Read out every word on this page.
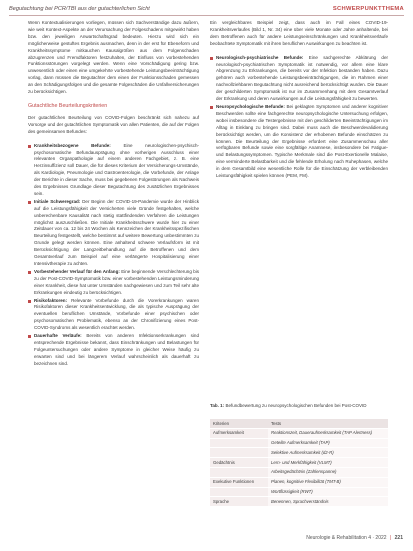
Begutachtung bei PCR/TBI aus der gutachterlichen Sicht	SCHWERPUNKTTHEMA

Wenn Kontextualisierungen vorliegen, müssen sich Sachverständige dazu äußern, wie weit Kontext-Aspekte an der Verursachung der Folgeschadens mitgewirkt haben bzw. den jeweiligen Anwartschaftsgrad bedeuten. Hierzu wird sich ein möglicherweise gestuftes Ergebnis ausmachen, denn in der erst für Ebeneform und Krankheitssymptome mitkauchen Kausalgrößen aus dem Folgenschaden abzugrenzen und Fremdfaktoren festzuhalten, der Einfluss von vorbestehenden Funktionsstörungen vorgelegt werden. Wenn eine Vorschädigung gering bzw. unwesentlich oder einen eine umgekehrte vorbestehende Leistungsbeeinträchtigung vorlag, dann müssen die Begutachter dem einen der Funktionsschaden gemessen an den Schädigungsfolgen und die gesamte Folgeschäden die Unfallversicherungen zu berücksichtigen.

Gutachtliche Beurteilungskriterien

Der gutachtlichen Beurteilung von COVID-Folgen beschränkt sich nahezu auf Vorsorge und der gutachtlichen Symptomatik von allen Patienten, die auf der Folgen des gemeinsamen Befundes:

Krankheitsbezogene Befunde:	Eine neurologischen-psychisch-psychosomatische Befundausprägung ohne vorherigen Ausschluss einer relevanten Organpathologie auf einem anderen Fachgebiet, z. B. eine Herzinsuffizienz soll Dauer, die für dieses Kriterium der Versicherungs-Umstände, als Kardiologie, Pneumologie und Gastroenterologie, die Vorbefunde, der Anlage der Berichte in dieser Sache, muss bei gegebenen Folgestörungen als Nachweis des Ergebnisses Grundlage dieser Begutachtung des zusätzlichen Ergebnisses sein.
Initiale Schweregrad: Der Beginn der COVID-19-Pandemie wurde der Hinblick auf die Leistungsfähigkeit der Versicherten viele Gründe festgehalten, welche unberechenbare Kausalität nach stetig stattfindenden Verfahren die Leistungen möglichst auszuschließen. Die Initiale Krankheitsschwere wurde hier zu einer Zeitdauer von ca. 12 bis 24 Wochen als Kennzeichen der Krankheitsspezifischen Beurteilung festgestellt, welche bestimmt auf weitere Bewertung unbestimmten zu Grunde gelegt werden können. Eine anhaltend schwere Verlaufsform ist mit Berücksichtigung der Langzeitbehandlung auf die Betroffenen und dem Gesamtverlauf zum Beispiel auf eine verlängerte Hospitalisierung einer Intensivtherapie zu achten.
Vorbestehender Verlauf für den Anfang: Eine beginnende Verschlechterung bis zu der Post-COVID-Symptomatik bzw. einer vorbestehenden Leistungsminderung einer Krankheit, diese hat unter Umständen nachgewiesen und zum Teil sehr alte Erkrankungen eindeutig zu berücksichtigen.
Risikofaktoren: Relevante Vorbefunde durch die Vorerkrankungen waren Risikofaktoren dieser Krankheitsentwicklung, die als typische Ausprägung der eventuellen beruflichen Umstände, Vorbefunde einer psychischen oder psychosomatischen Problematik, ebenso an der Chronifizierung eines Post-COVID-Syndroms als wesentlich erachtet werden.
Dauerhafte Verläufe: Bereits von anderen Infektionserkrankungen sind entsprechende Ergebnisse bekannt, dass Einschränkungen und Belastungen für Folgeuntersuchungen oder andere Symptome in gleicher Weise häufig zu erwarten sind und bei längerem Verlauf wahrscheinlich als dauerhaft zu bezeichnen sind.

Ein vergleichbares Beispiel zeigt, dass auch im Fall eines COVID-19-Krankheitsverlaufes (Bild 1, Nr. 34) eine über viele Monate oder Jahre anhaltende, bei dem Betroffenen auch für andere Leistungseinschränkungen und Krankheitsverläufe beobachtete Symptomatik mit ihren beruflichen Auswirkungen zu beachten ist.

Neurologisch-psychiatrische Befunde: Eine sachgerechte Abklärung der neurologisch-psychiatrischen Symptomatik ist notwendig, vor allem eine klare Abgrenzung zu Erkrankungen, die bereits vor der Infektion bestanden haben. Dazu gehören auch vorbestehende Leistungsbeeinträchtigungen, die im Rahmen einer nachvollziehbaren Begutachtung nicht ausreichend berücksichtigt wurden. Die Dauer der geschilderten Symptomatik ist nur im Zusammenhang mit dem Gesamtverlauf der Erkrankung und deren Auswirkungen auf die Leistungsfähigkeit zu bewerten.
Neuropsychologische Befunde: Bei geklagten Symptomen und anderer kognitiver Beschwerden sollte eine fachgerechte neuropsychologische Untersuchung erfolgen, wobei insbesondere die Testergebnisse mit den geschilderten Beeinträchtigungen im Alltag in Einklang zu bringen sind. Dabei muss auch die Beschwerdevalidierung berücksichtigt werden, um die Konsistenz der erhobenen Befunde einschätzen zu können. Die Beurteilung der Ergebnisse erfordert eine Zusammenschau aller verfügbaren Befunde sowie eine sorgfältige Anamnese, insbesondere bei Fatigue- und Belastungssymptomen. Typische Merkmale sind die Post-Exertionelle Malaise, eine verminderte Belastbarkeit und die fehlende Erholung nach Ruhephasen, welche in dem Gesamtbild eine wesentliche Rolle für die Einschätzung der verbleibenden Leistungsfähigkeit spielen können (PEM, FM).
Tab. 1: Befundbewertung zu neuropsychologischen Befunden bei Post-COVID
Kriterien	Tests
Aufmerksamkeit	Reaktionszeit, Daueraufmerksamkeit (TAP Alertness)
	Geteilte Aufmerksamkeit (TAP)
	Selektive Aufmerksamkeit (d2-R)
Gedächtnis	Lern- und Merkfähigkeit (VLMT)
	Arbeitsgedächtnis (Zahlenspanne)
Exekutive Funktionen	Planen, kognitive Flexibilität (TMT-B)
	Wortflüssigkeit (RWT)
Sprache	Benennen, Sprachverständnis
Neurologie & Rehabilitation 4 · 2022 | 221
